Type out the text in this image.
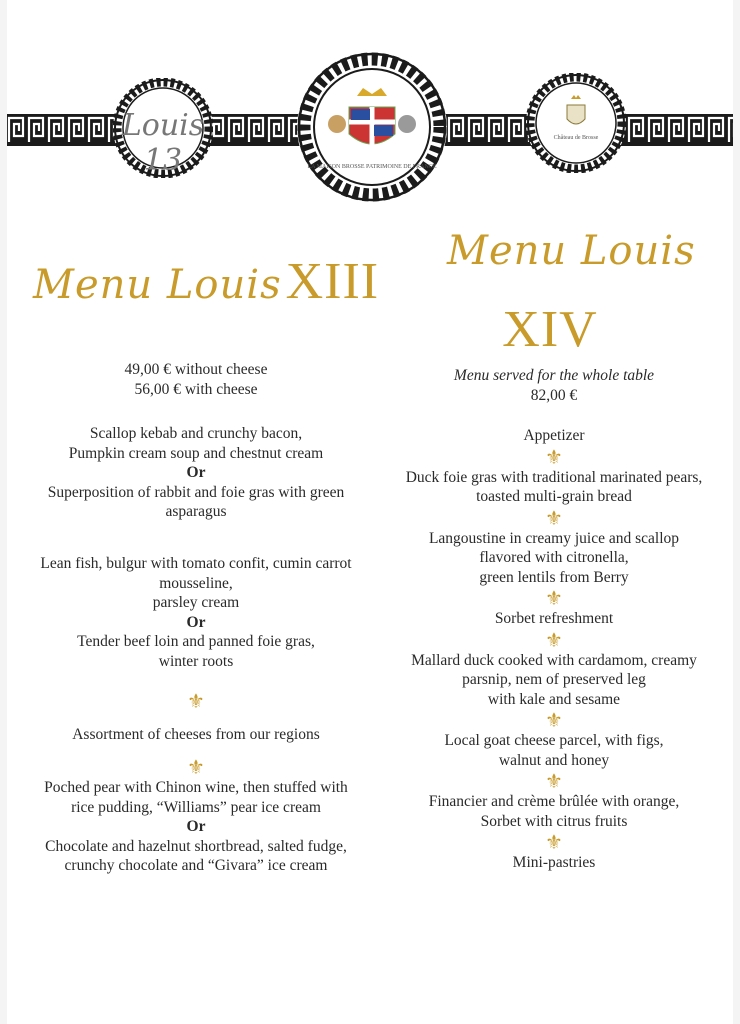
Louis 13	LA MAISON BROSSE PATRIMOINE DE FRANCE
Château de Brosse
Menu Louis XIII
Menu Louis
XIV
49,00 € without cheese
56,00 € with cheese
Scallop kebab and crunchy bacon,
Pumpkin cream soup and chestnut cream
Or
Superposition of rabbit and foie gras with green
asparagus
Lean fish, bulgur with tomato confit, cumin carrot
mousseline,
parsley cream
Or
Tender beef loin and panned foie gras,
winter roots
⚜
Assortment of cheeses from our regions
⚜
Poched pear with Chinon wine, then stuffed with
rice pudding, “Williams” pear ice cream
Or
Chocolate and hazelnut shortbread, salted fudge,
crunchy chocolate and “Givara” ice cream
Menu served for the whole table
82,00 €
Appetizer
⚜
Duck foie gras with traditional marinated pears,
toasted multi-grain bread
⚜
Langoustine in creamy juice and scallop
flavored with citronella,
green lentils from Berry
⚜
Sorbet refreshment
⚜
Mallard duck cooked with cardamom, creamy
parsnip, nem of preserved leg
with kale and sesame
⚜
Local goat cheese parcel, with figs,
walnut and honey
⚜
Financier and crème brûlée with orange,
Sorbet with citrus fruits
⚜
Mini-pastries
